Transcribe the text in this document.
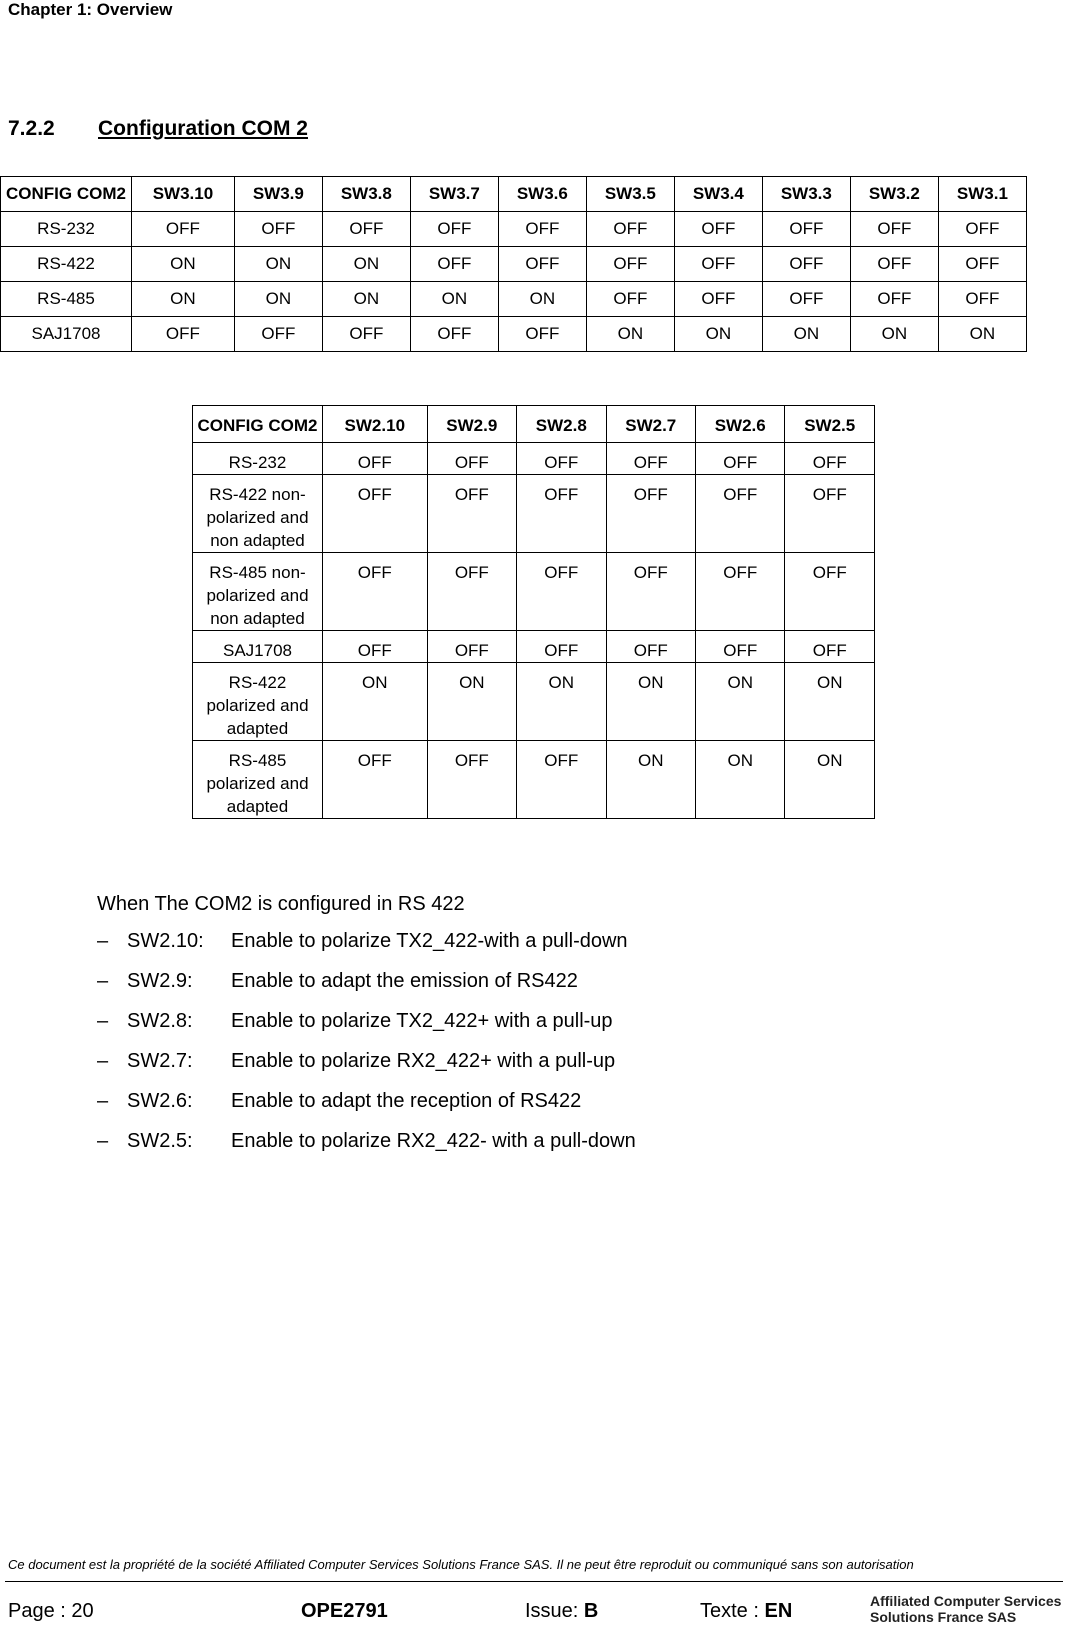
Chapter 1: Overview
7.2.2 Configuration COM 2
CONFIG COM2	SW3.10	SW3.9	SW3.8	SW3.7	SW3.6	SW3.5	SW3.4	SW3.3	SW3.2	SW3.1
RS-232	OFF	OFF	OFF	OFF	OFF	OFF	OFF	OFF	OFF	OFF
RS-422	ON	ON	ON	OFF	OFF	OFF	OFF	OFF	OFF	OFF
RS-485	ON	ON	ON	ON	ON	OFF	OFF	OFF	OFF	OFF
SAJ1708	OFF	OFF	OFF	OFF	OFF	ON	ON	ON	ON	ON
CONFIG COM2	SW2.10	SW2.9	SW2.8	SW2.7	SW2.6	SW2.5
RS-232	OFF	OFF	OFF	OFF	OFF	OFF
RS-422 non-polarized and non adapted	OFF	OFF	OFF	OFF	OFF	OFF
RS-485 non-polarized and non adapted	OFF	OFF	OFF	OFF	OFF	OFF
SAJ1708	OFF	OFF	OFF	OFF	OFF	OFF
RS-422 polarized and adapted	ON	ON	ON	ON	ON	ON
RS-485 polarized and adapted	OFF	OFF	OFF	ON	ON	ON
When The COM2 is configured in RS 422
– SW2.10:	Enable to polarize TX2_422-with a pull-down
– SW2.9:	Enable to adapt the emission of RS422
– SW2.8:	Enable to polarize TX2_422+ with a pull-up
– SW2.7:	Enable to polarize RX2_422+ with a pull-up
– SW2.6:	Enable to adapt the reception of RS422
– SW2.5:	Enable to polarize RX2_422- with a pull-down
Ce document est la propriété de la société Affiliated Computer Services Solutions France SAS. Il ne peut être reproduit ou communiqué sans son autorisation
Page : 20	OPE2791	Issue: B	Texte : EN	Affiliated Computer Services
Solutions France SAS
